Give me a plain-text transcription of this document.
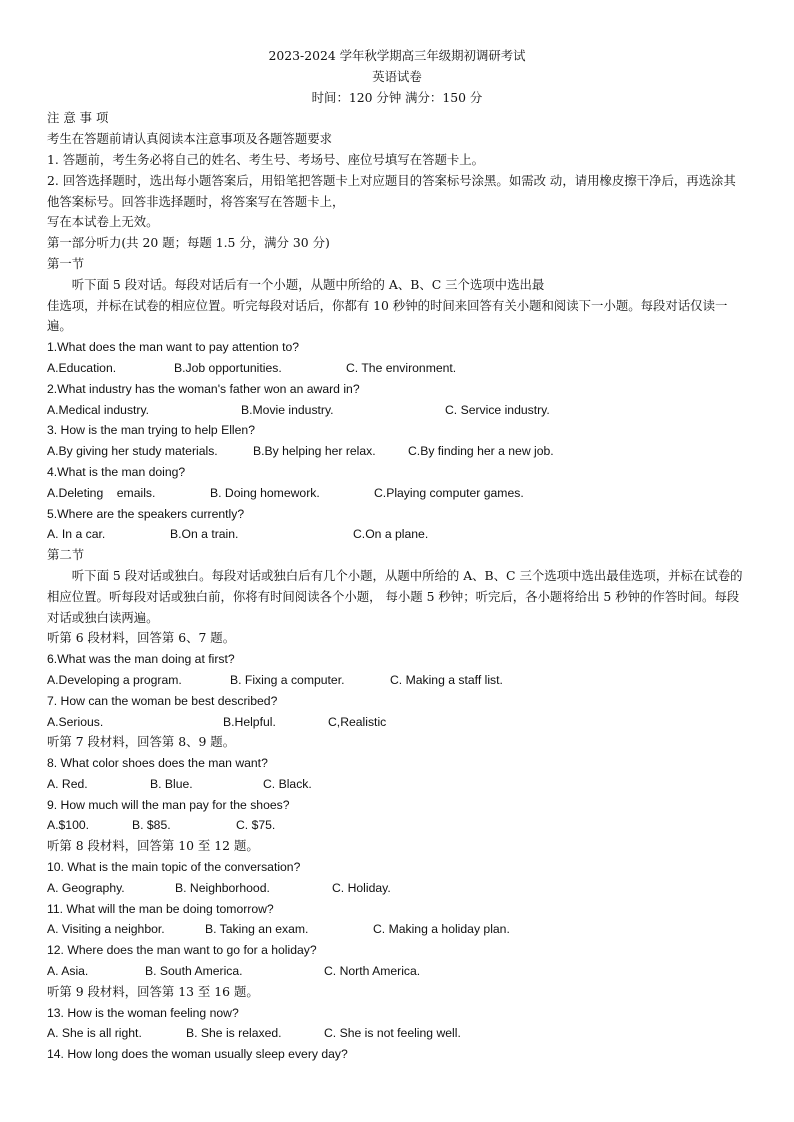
2023-2024 学年秋学期高三年级期初调研考试
英语试卷
时间：120 分钟 满分：150 分
注 意 事 项
考生在答题前请认真阅读本注意事项及各题答题要求
1. 答题前，考生务必将自己的姓名、考生号、考场号、座位号填写在答题卡上。
2. 回答选择题时，选出每小题答案后，用铅笔把答题卡上对应题目的答案标号涂黑。如需改 动，请用橡皮擦干净后，再选涂其他答案标号。回答非选择题时，将答案写在答题卡上，
写在本试卷上无效。
第一部分听力(共 20 题；每题 1.5 分，满分 30 分)
第一节
听下面 5 段对话。每段对话后有一个小题，从题中所给的 A、B、C 三个选项中选出最
佳选项，并标在试卷的相应位置。听完每段对话后，你都有 10 秒钟的时间来回答有关小题和阅读下一小题。每段对话仅读一遍。
1.What does the man want to pay attention to?
A.Education.	B.Job opportunities.	C. The environment.
2.What industry has the woman's father won an award in?
A.Medical industry.	B.Movie industry.	C. Service industry.
3. How is the man trying to help Ellen?
A.By giving her study materials.	B.By helping her relax.	C.By finding her a new job.
4.What is the man doing?
A.Deleting    emails.	B. Doing homework.	C.Playing computer games.
5.Where are the speakers currently?
A. In a car.	B.On a train.	C.On a plane.
第二节
听下面 5 段对话或独白。每段对话或独白后有几个小题，从题中所给的 A、B、C 三个选项中选出最佳选项，并标在试卷的相应位置。听每段对话或独白前，你将有时间阅读各个小题， 每小题 5 秒钟；听完后，各小题将给出 5 秒钟的作答时间。每段对话或独白读两遍。
听第 6 段材料，回答第 6、7 题。
6.What was the man doing at first?
A.Developing a program.	B. Fixing a computer.	C. Making a staff list.
7. How can the woman be best described?
A.Serious.	B.Helpful.	C,Realistic
听第 7 段材料，回答第 8、9 题。
8. What color shoes does the man want?
A. Red.	B. Blue.	C. Black.
9. How much will the man pay for the shoes?
A.$100.	B. $85.	C. $75.
听第 8 段材料，回答第 10 至 12 题。
10. What is the main topic of the conversation?
A. Geography.	B. Neighborhood.	C. Holiday.
11. What will the man be doing tomorrow?
A. Visiting a neighbor.	B. Taking an exam.	C. Making a holiday plan.
12. Where does the man want to go for a holiday?
A. Asia.	B. South America.	C. North America.
听第 9 段材料，回答第 13 至 16 题。
13. How is the woman feeling now?
A. She is all right.	B. She is relaxed.	C. She is not feeling well.
14. How long does the woman usually sleep every day?
